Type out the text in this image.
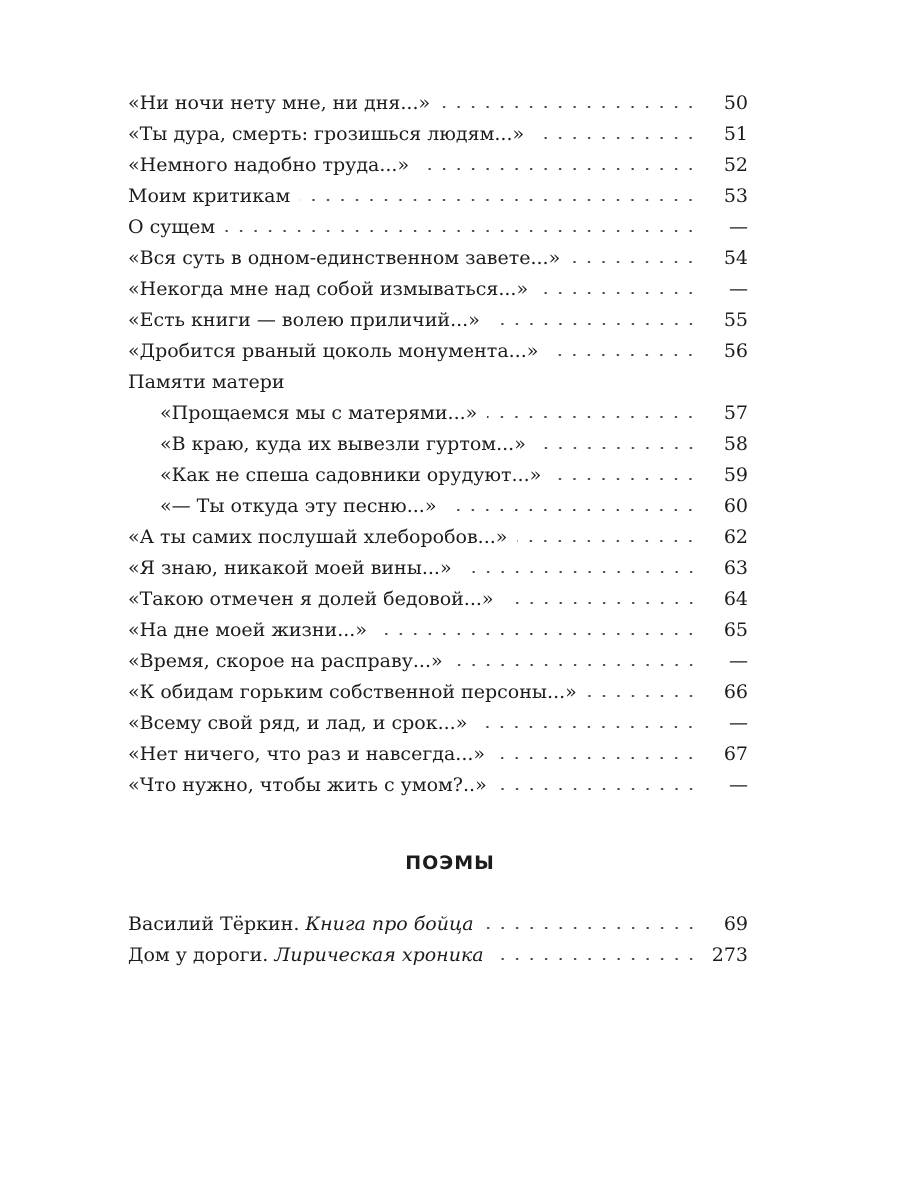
«Ни ночи нету мне, ни дня...»	50
«Ты дура, смерть: грозишься людям...»	51
«Немного надобно труда...»	52
Моим критикам	53
О сущем	—
«Вся суть в одном-единственном завете...»	54
«Некогда мне над собой измываться...»	—
«Есть книги — волею приличий...»	55
«Дробится рваный цоколь монумента...»	56
Памяти матери
«Прощаемся мы с матерями...»	57
«В краю, куда их вывезли гуртом...»	58
«Как не спеша садовники орудуют...»	59
«— Ты откуда эту песню...»	60
«А ты самих послушай хлеборобов...»	62
«Я знаю, никакой моей вины...»	63
«Такою отмечен я долей бедовой...»	64
«На дне моей жизни...»	65
«Время, скорое на расправу...»	—
«К обидам горьким собственной персоны...»	66
«Всему свой ряд, и лад, и срок...»	—
«Нет ничего, что раз и навсегда...»	67
«Что нужно, чтобы жить с умом?..»	—
ПОЭМЫ
Василий Тёркин. Книга про бойца	69
Дом у дороги. Лирическая хроника	273
